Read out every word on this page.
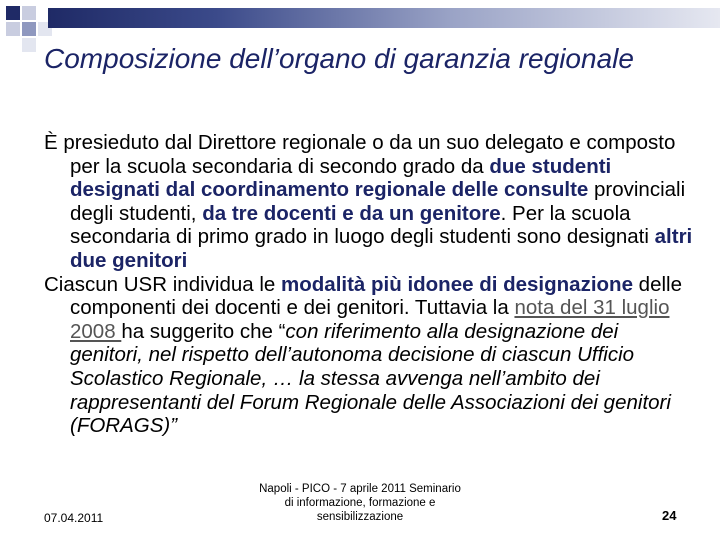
Composizione dell’organo di garanzia regionale

È presieduto dal Direttore regionale o da un suo delegato e composto per la scuola secondaria di secondo grado da due studenti designati dal coordinamento regionale delle consulte provinciali degli studenti, da tre docenti e da un genitore. Per la scuola secondaria di primo grado in luogo degli studenti sono designati altri due genitori

Ciascun USR individua le modalità più idonee di designazione delle componenti dei docenti e dei genitori. Tuttavia la nota del 31 luglio 2008 ha suggerito che “con riferimento alla designazione dei genitori, nel rispetto dell’autonoma decisione di ciascun Ufficio Scolastico Regionale, … la stessa avvenga nell’ambito dei rappresentanti del Forum Regionale delle Associazioni dei genitori (FORAGS)”

07.04.2011
Napoli - PICO - 7 aprile 2011 Seminario
di informazione, formazione e
sensibilizzazione	24
